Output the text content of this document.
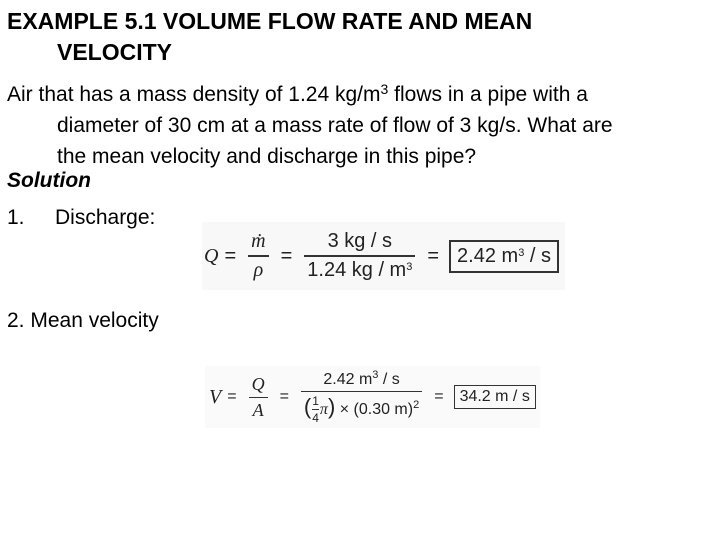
EXAMPLE 5.1 VOLUME FLOW RATE AND MEAN
VELOCITY
Air that has a mass density of 1.24 $kg/m^3$ flows in a pipe with a
diameter of 30 cm at a mass rate of flow of 3 kg/s. What are
the mean velocity and discharge in this pipe?
Solution
1. Discharge:
$Q = \frac{\text{ṁ}}{\rho} = \frac{3 kg / s}{1.24 kg / m^3} = 2.42$ $m^3$ / s
2. Mean velocity
$V = \frac{Q}{A} = \frac{2.42 m^3 / s}{( \frac{1}{4} \pi) \times (0.30 m)^2}$ =	34.2 m / s
